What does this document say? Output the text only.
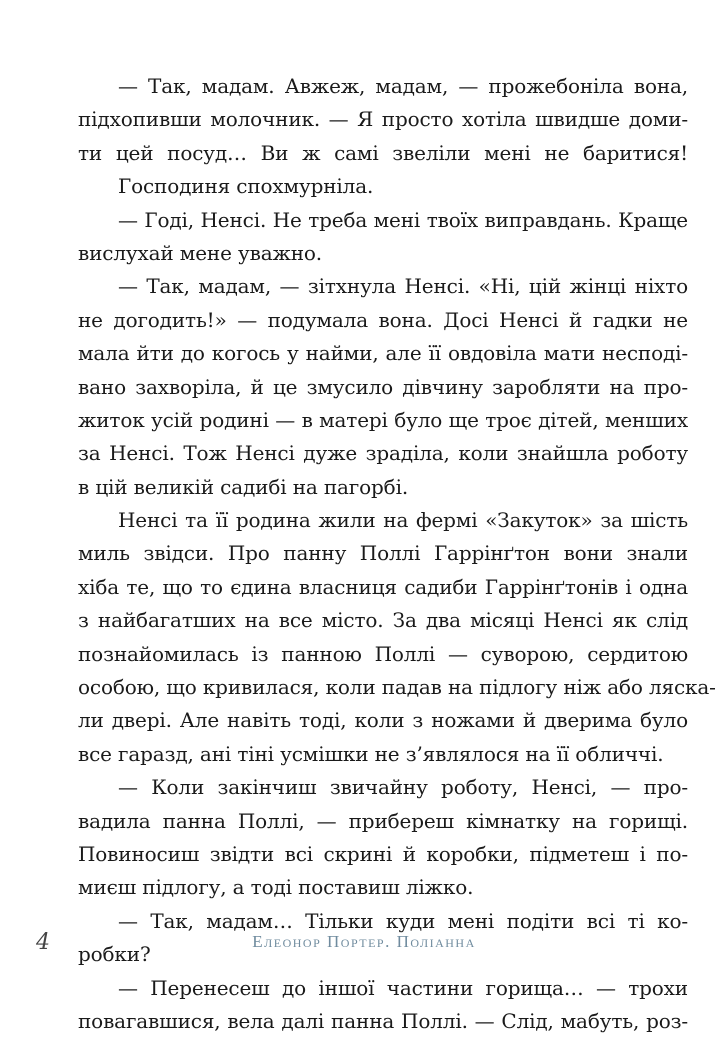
— Так, мадам. Авжеж, мадам, — прожебоніла вона,
підхопивши молочник. — Я просто хотіла швидше доми-
ти цей посуд… Ви ж самі звеліли мені не баритися!
Господиня спохмурніла.
— Годі, Ненсі. Не треба мені твоїх виправдань. Краще
вислухай мене уважно.
— Так, мадам, — зітхнула Ненсі. «Ні, цій жінці ніхто
не догодить!» — подумала вона. Досі Ненсі й гадки не
мала йти до когось у найми, але її овдовіла мати несподі-
вано захворіла, й це змусило дівчину заробляти на про-
житок усій родині — в матері було ще троє дітей, менших
за Ненсі. Тож Ненсі дуже зраділа, коли знайшла роботу
в цій великій садибі на пагорбі.
Ненсі та її родина жили на фермі «Закуток» за шість
миль звідси. Про панну Поллі Гаррінґтон вони знали
хіба те, що то єдина власниця садиби Гаррінґтонів і одна
з найбагатших на все місто. За два місяці Ненсі як слід
познайомилась із панною Поллі — суворою, сердитою
особою, що кривилася, коли падав на підлогу ніж або ляска-
ли двері. Але навіть тоді, коли з ножами й дверима було
все гаразд, ані тіні усмішки не з’являлося на її обличчі.
— Коли закінчиш звичайну роботу, Ненсі, — про-
вадила панна Поллі, — прибереш кімнатку на горищі.
Повиносиш звідти всі скрині й коробки, підметеш і по-
миєш підлогу, а тоді поставиш ліжко.
— Так, мадам… Тільки куди мені подіти всі ті ко-
робки?
— Перенесеш до іншої частини горища… — трохи
повагавшися, вела далі панна Поллі. — Слід, мабуть, роз-
4	Елеонор Портер. Поліанна
